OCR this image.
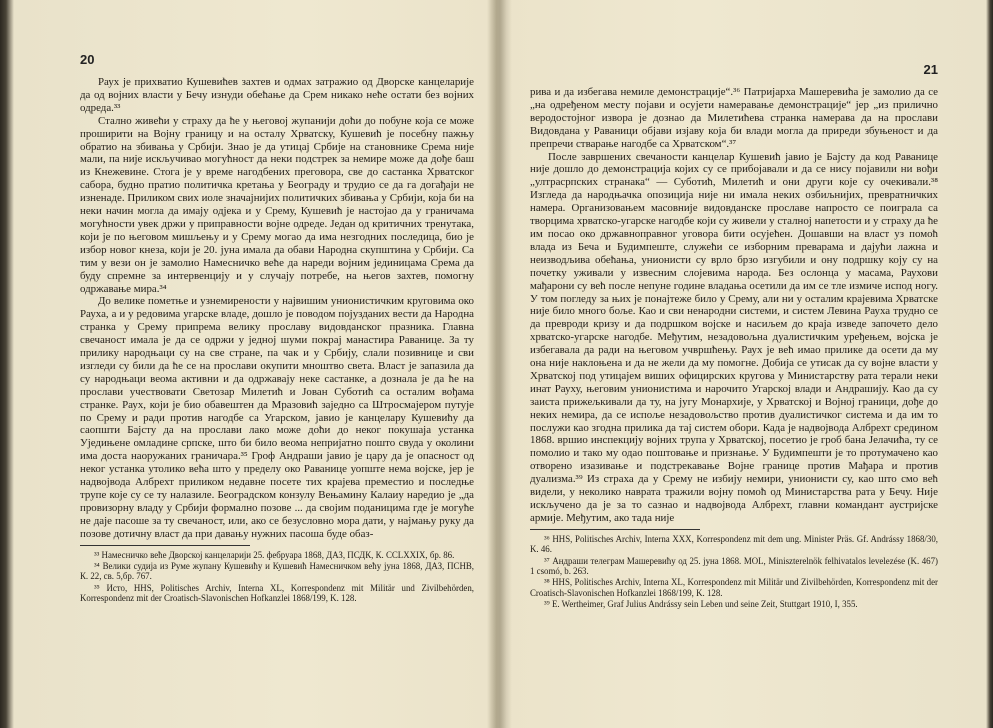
20

Раух је прихватио Кушевићев захтев и одмах затражио од Дворске канцеларије да од војних власти у Бечу изнуди обећање да Срем никако неће остати без војних одреда.³³

Стално живећи у страху да ће у његовој жупанији доћи до побуне која се може проширити на Војну границу и на осталу Хрватску, Кушевић је посебну пажњу обратио на збивања у Србији. Знао је да утицај Србије на становнике Срема није мали, па није искључивао могућност да неки подстрек за немире може да дође баш из Кнежевине. Стога је у време нагодбених преговора, све до састанка Хрватског сабора, будно пратио политичка кретања у Београду и трудио се да га догађаји не изненаде. Приликом свих иоле значајнијих политичких збивања у Србији, која би на неки начин могла да имају одјека и у Срему, Кушевић је настојао да у граничама могућности увек држи у приправности војне одреде. Један од критичних тренутака, који је по његовом мишљењу и у Срему могао да има незгодних последица, био је избор новог кнеза, који је 20. јуна имала да обави Народна скупштина у Србији. Са тим у вези он је замолио Намесничко веће да нареди војним јединицама Срема да буду спремне за интервенцију и у случају потребе, на његов захтев, помогну одржавање мира.³⁴

До велике пометње и узнемирености у највишим унионистичким круговима око Рауха, а и у редовима угарске владе, дошло је поводом појузданих вести да Народна странка у Срему припрема велику прославу видовданског празника. Главна свечаност имала је да се одржи у једној шуми покрај манастира Раванице. За ту прилику народњаци су на све стране, па чак и у Србију, слали позивнице и сви изгледи су били да ће се на прослави окупити мноштво света. Власт је запазила да су народњаци веома активни и да одржавају неке састанке, а дознала је да ће на прослави учествовати Светозар Милетић и Јован Суботић са осталим вођама странке. Раух, који је био обавештен да Мразовић заједно са Штросмајером путује по Срему и ради против нагодбе са Угарском, јавио је канцелару Кушевићу да саопшти Бајсту да на прослави лако може доћи до неког покушаја устанка Уједињене омладине српске, што би било веома непријатно пошто свуда у околини има доста наоружаних граничара.³⁵ Гроф Андраши јавио је цару да је опасност од неког устанка утолико већа што у пределу око Раванице уопште нема војске, јер је надвојвода Албрехт приликом недавне посете тих крајева преместио и последње трупе које су се ту налазиле. Београдском конзулу Вењамину Калаиу наредио је „да провизорну владу у Србији формално позове ... да својим поданицима где је могуће не даје пасоше за ту свечаност, или, ако се безусловно мора дати, у најмању руку да позове дотичну власт да при давању нужних пасоша буде обаз-

³³ Намесничко веће Дворској канцеларији 25. фебруара 1868, ДАЗ, ПСДК, К. CCLXXIX, бр. 86.

³⁴ Велики судија из Руме жупану Кушевићу и Кушевић Намесничком већу јуна 1868, ДАЗ, ПСНВ, К. 22, св. 5,бр. 767.

³⁵ Исто, HHS, Politisches Archiv, Interna XL, Korrespondenz mit Militär und Zivilbehörden, Korrespondenz mit der Croatisch-Slavonischen Hofkanzlei 1868/199, K. 128.

21

рива и да избегава немиле демонстрације“.³⁶ Патријарха Машеревића је замолио да се „на одређеном месту појави и осујети намеравање демонстрације“ јер „из прилично веродостојног извора је дознао да Милетићева странка намерава да на прослави Видовдана у Раваници објави изјаву која би влади могла да приреди збуњеност и да препречи стварање нагодбе са Хрватском“.³⁷

После завршених свечаности канцелар Кушевић јавио је Бајсту да код Раванице није дошло до демонстрација којих су се прибојавали и да се нису појавили ни вођи „ултрасрпских странака“ — Суботић, Милетић и они други које су очекивали.³⁸ Изгледа да народњачка опозиција није ни имала неких озбиљнијих, превратничких намера. Организовањем масовније видовданске прославе напросто се поиграла са творцима хрватско-угарске нагодбе који су живели у сталној напетости и у страху да ће им посао око државноправног уговора бити осујећен. Дошавши на власт уз помоћ влада из Беча и Будимпеште, служећи се изборним преварама и дајући лажна и неизводљива обећања, унионисти су врло брзо изгубили и ону подршку коју су на почетку уживали у извесним слојевима народа. Без ослонца у масама, Раухови мађарони су већ после непуне године владања осетили да им се тле измиче испод ногу. У том погледу за њих је понајтеже било у Срему, али ни у осталим крајевима Хрватске није било много боље. Као и сви ненародни системи, и систем Левина Рауха трудно се да превроди кризу и да подршком војске и насиљем до краја изведе започето дело хрватско-угарске нагодбе. Међутим, незадовољна дуалистичким уређењем, војска је избегавала да ради на његовом учвршћењу. Раух је већ имао прилике да осети да му она није наклоњена и да не жели да му помогне. Добија се утисак да су војне власти у Хрватској под утицајем виших официрских кругова у Министарству рата терали неки инат Рауху, његовим унионистима и нарочито Угарској влади и Андрашију. Као да су заиста прижељкивали да ту, на југу Монархије, у Хрватској и Војној граници, дође до неких немира, да се испоље незадовољство против дуалистичког система и да им то послужи као згодна прилика да тај систем обори. Када је надвојвода Албрехт средином 1868. вршио инспекцију војних трупа у Хрватској, посетио је гроб бана Јелачића, ту се помолио и тако му одао поштовање и признање. У Будимпешти је то протумачено као отворено изазивање и подстрекавање Војне границе против Мађара и против дуализма.³⁹ Из страха да у Срему не избију немири, унионисти су, као што смо већ видели, у неколико наврата тражили војну помоћ од Министарства рата у Бечу. Није искључено да је за то сазнао и надвојвода Албрехт, главни командант аустријске армије. Међутим, ако тада није

³⁶ HHS, Politisches Archiv, Interna XXX, Korrespondenz mit dem ung. Minister Präs. Gf. Andrássy 1868/30, K. 46.

³⁷ Андраши телеграм Машеревићу од 25. јуна 1868. MOL, Miniszterelnök felhivatalos levelezése (K. 467) 1 csomó, b. 263.

³⁸ HHS, Politisches Archiv, Interna XL, Korrespondenz mit Militär und Zivilbehörden, Korrespondenz mit der Croatisch-Slavonischen Hofkanzlei 1868/199, K. 128.

³⁹ E. Wertheimer, Graf Julius Andrássy sein Leben und seine Zeit, Stuttgart 1910, I, 355.
